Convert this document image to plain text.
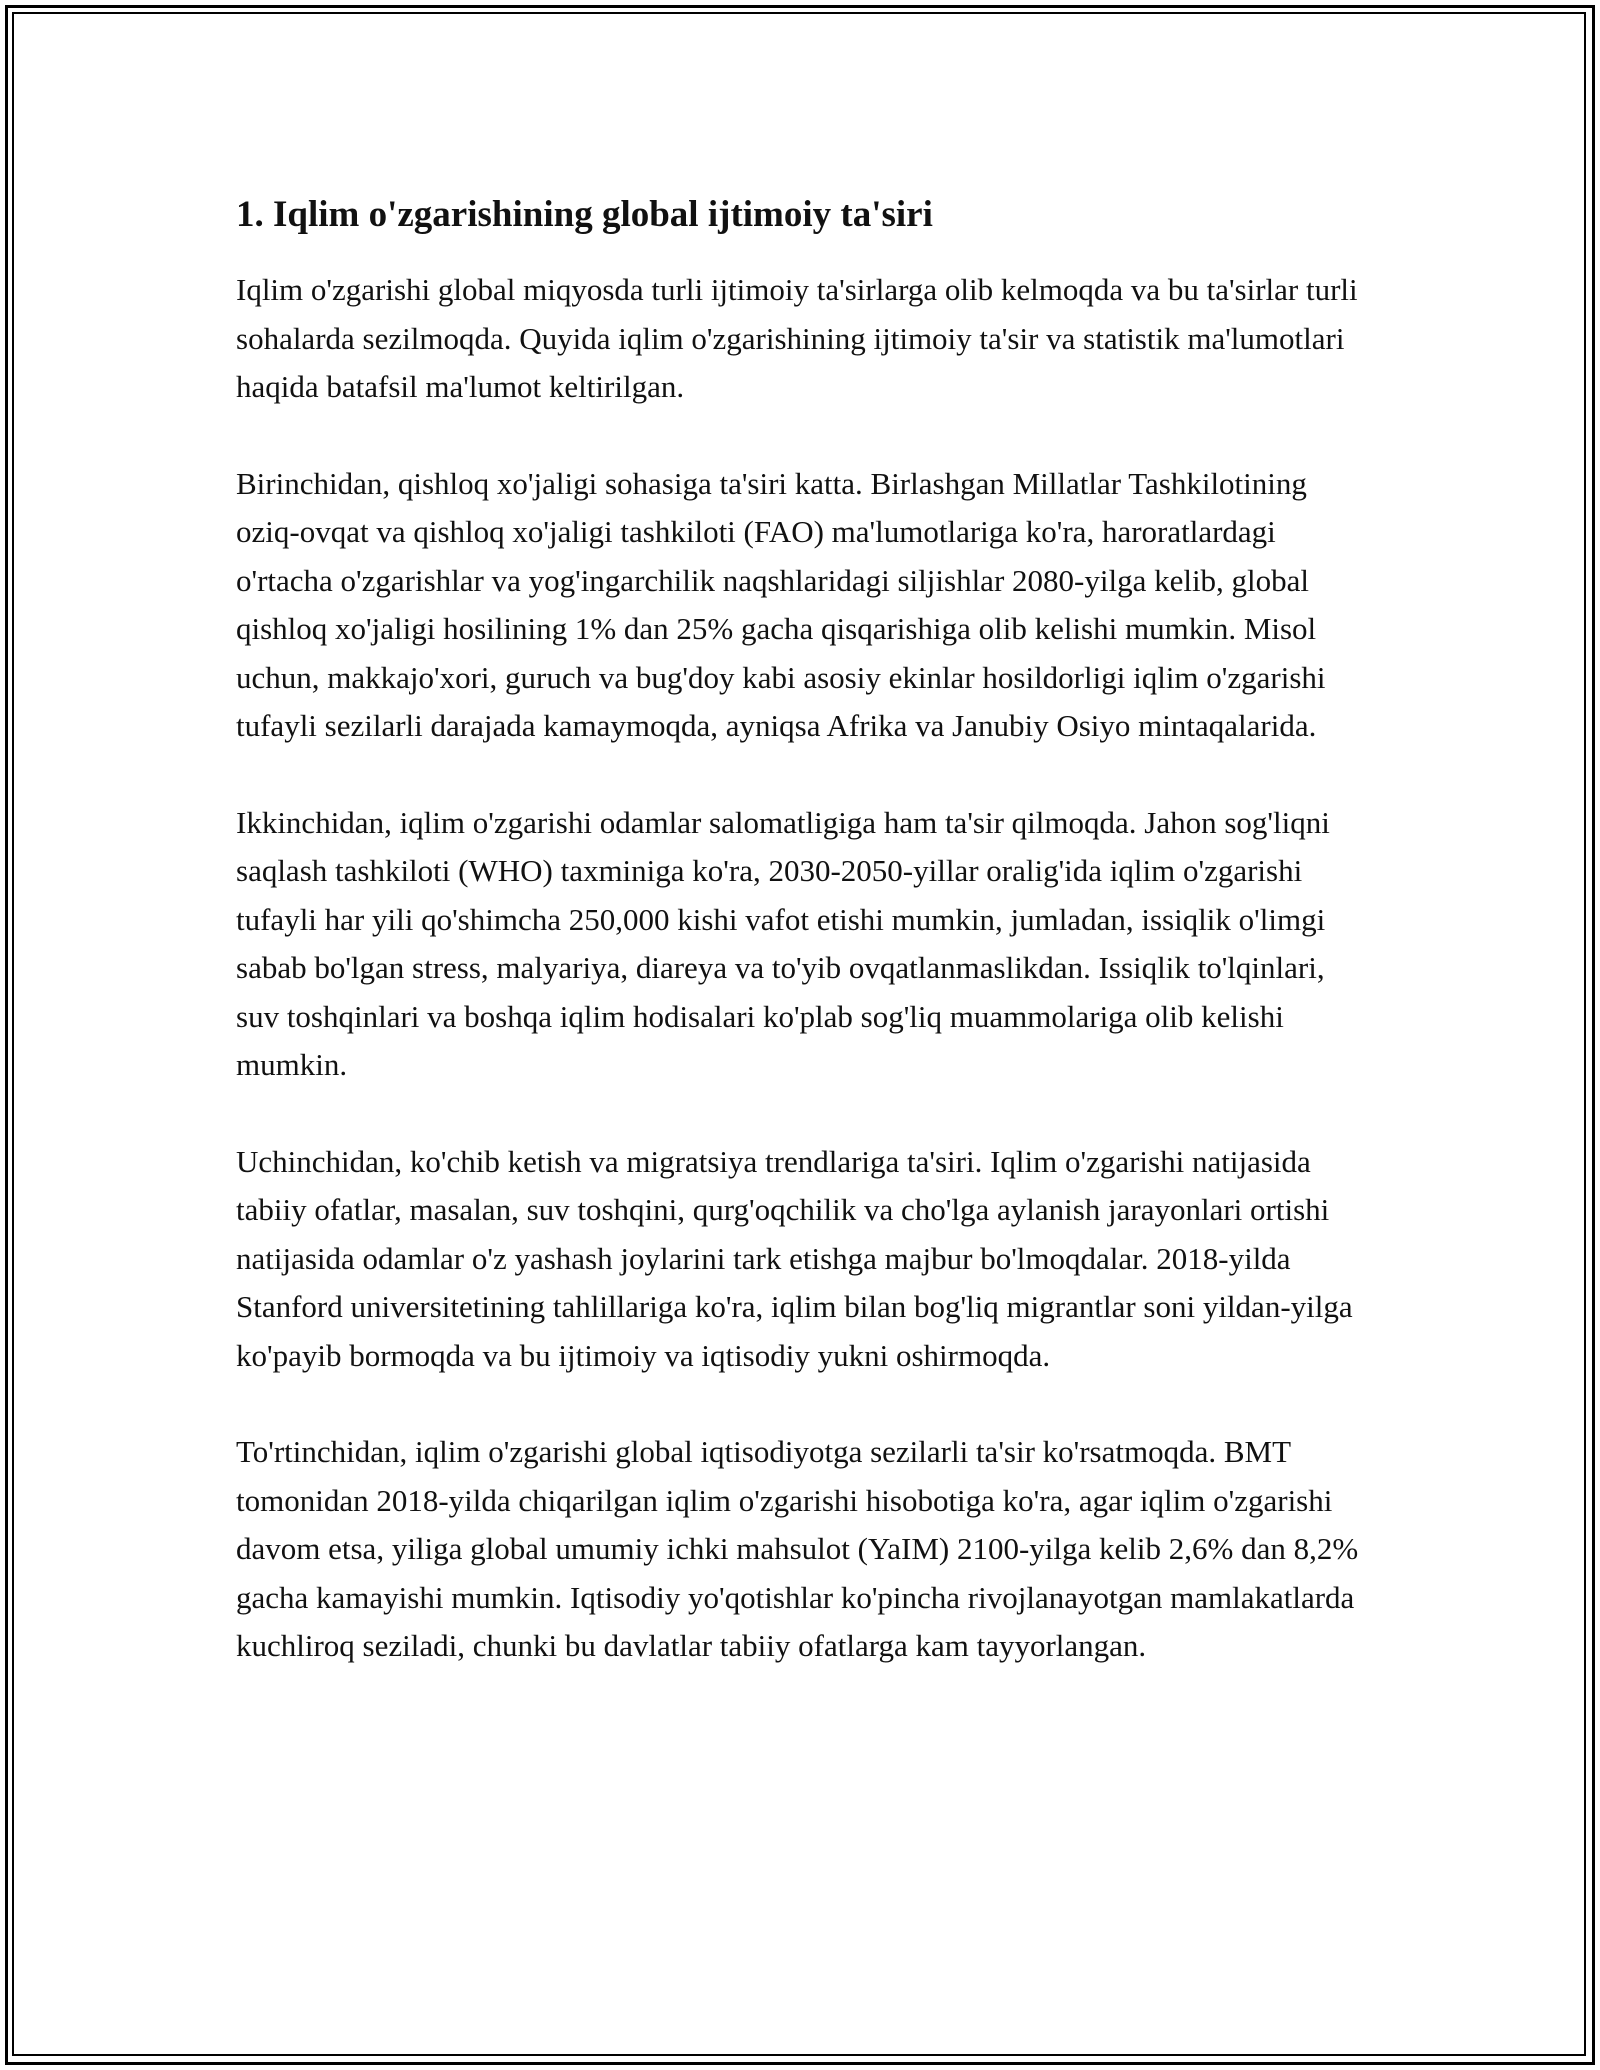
1. Iqlim o'zgarishining global ijtimoiy ta'siri

Iqlim o'zgarishi global miqyosda turli ijtimoiy ta'sirlarga olib kelmoqda va bu ta'sirlar turli sohalarda sezilmoqda. Quyida iqlim o'zgarishining ijtimoiy ta'sir va statistik ma'lumotlari haqida batafsil ma'lumot keltirilgan.

Birinchidan, qishloq xo'jaligi sohasiga ta'siri katta. Birlashgan Millatlar Tashkilotining oziq-ovqat va qishloq xo'jaligi tashkiloti (FAO) ma'lumotlariga ko'ra, haroratlardagi o'rtacha o'zgarishlar va yog'ingarchilik naqshlaridagi siljishlar 2080-yilga kelib, global qishloq xo'jaligi hosilining 1% dan 25% gacha qisqarishiga olib kelishi mumkin. Misol uchun, makkajo'xori, guruch va bug'doy kabi asosiy ekinlar hosildorligi iqlim o'zgarishi tufayli sezilarli darajada kamaymoqda, ayniqsa Afrika va Janubiy Osiyo mintaqalarida.

Ikkinchidan, iqlim o'zgarishi odamlar salomatligiga ham ta'sir qilmoqda. Jahon sog'liqni saqlash tashkiloti (WHO) taxminiga ko'ra, 2030-2050-yillar oralig'ida iqlim o'zgarishi tufayli har yili qo'shimcha 250,000 kishi vafot etishi mumkin, jumladan, issiqlik o'limgi sabab bo'lgan stress, malyariya, diareya va to'yib ovqatlanmaslikdan. Issiqlik to'lqinlari, suv toshqinlari va boshqa iqlim hodisalari ko'plab sog'liq muammolariga olib kelishi mumkin.

Uchinchidan, ko'chib ketish va migratsiya trendlariga ta'siri. Iqlim o'zgarishi natijasida tabiiy ofatlar, masalan, suv toshqini, qurg'oqchilik va cho'lga aylanish jarayonlari ortishi natijasida odamlar o'z yashash joylarini tark etishga majbur bo'lmoqdalar. 2018-yilda Stanford universitetining tahlillariga ko'ra, iqlim bilan bog'liq migrantlar soni yildan-yilga ko'payib bormoqda va bu ijtimoiy va iqtisodiy yukni oshirmoqda.

To'rtinchidan, iqlim o'zgarishi global iqtisodiyotga sezilarli ta'sir ko'rsatmoqda. BMT tomonidan 2018-yilda chiqarilgan iqlim o'zgarishi hisobotiga ko'ra, agar iqlim o'zgarishi davom etsa, yiliga global umumiy ichki mahsulot (YaIM) 2100-yilga kelib 2,6% dan 8,2% gacha kamayishi mumkin. Iqtisodiy yo'qotishlar ko'pincha rivojlanayotgan mamlakatlarda kuchliroq seziladi, chunki bu davlatlar tabiiy ofatlarga kam tayyorlangan.
